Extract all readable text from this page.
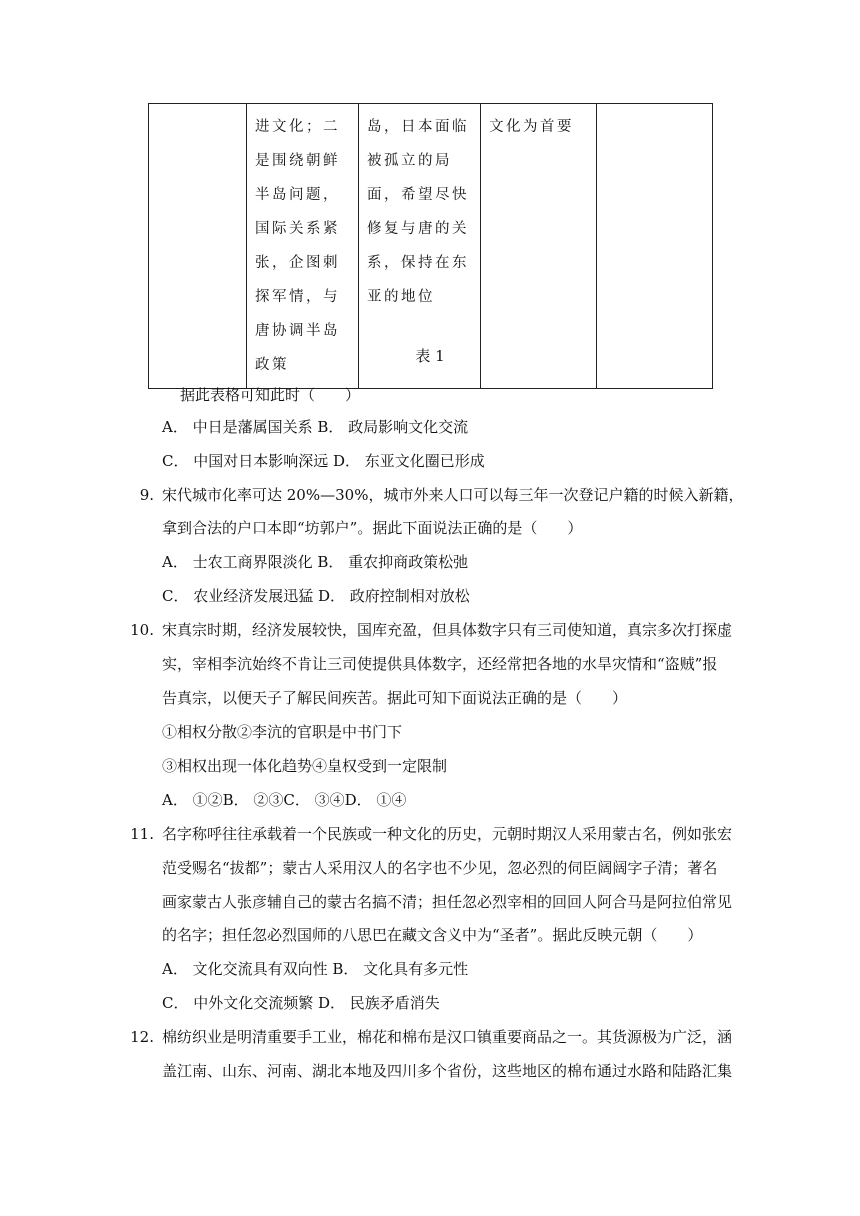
	进文化；二是围绕朝鲜半岛问题，国际关系紧张，企图刺探军情，与唐协调半岛政策	岛，日本面临被孤立的局面，希望尽快修复与唐的关系，保持在东亚的地位	文化为首要	
表 1
据此表格可知此时（　　）
A． 中日是藩属国关系 B． 政局影响文化交流
C． 中国对日本影响深远 D． 东亚文化圈已形成
9. 宋代城市化率可达 20%—30%，城市外来人口可以每三年一次登记户籍的时候入新籍，
拿到合法的户口本即“坊郭户”。据此下面说法正确的是（　　）
A． 士农工商界限淡化 B． 重农抑商政策松弛
C． 农业经济发展迅猛 D． 政府控制相对放松
10. 宋真宗时期，经济发展较快，国库充盈，但具体数字只有三司使知道，真宗多次打探虚
实，宰相李沆始终不肯让三司使提供具体数字，还经常把各地的水旱灾情和“盗贼”报
告真宗，以便天子了解民间疾苦。据此可知下面说法正确的是（　　）
①相权分散②李沆的官职是中书门下
③相权出现一体化趋势④皇权受到一定限制
A． ①②B． ②③C． ③④D． ①④
11. 名字称呼往往承载着一个民族或一种文化的历史，元朝时期汉人采用蒙古名，例如张宏
范受赐名“拔都”；蒙古人采用汉人的名字也不少见，忽必烈的伺臣阔阔字子清；著名
画家蒙古人张彦辅自己的蒙古名搞不清；担任忽必烈宰相的回回人阿合马是阿拉伯常见
的名字；担任忽必烈国师的八思巴在藏文含义中为“圣者”。据此反映元朝（　　）
A． 文化交流具有双向性 B． 文化具有多元性
C． 中外文化交流频繁 D． 民族矛盾消失
12. 棉纺织业是明清重要手工业，棉花和棉布是汉口镇重要商品之一。其货源极为广泛，涵
盖江南、山东、河南、湖北本地及四川多个省份，这些地区的棉布通过水路和陆路汇集
